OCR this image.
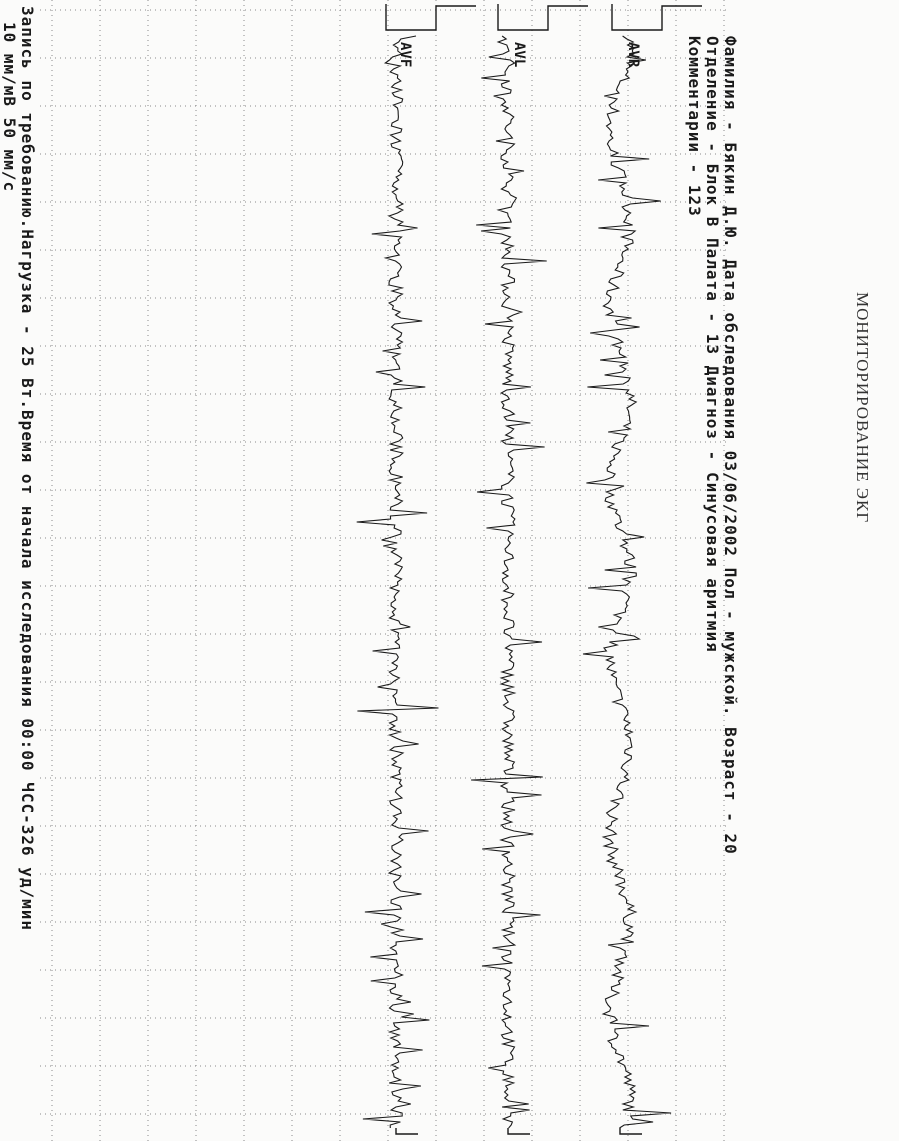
МОНИТОРИРОВАНИЕ ЭКГ
Фамилия - Бякин Д.Ю. Дата обследования 03/06/2002 Пол - мужской. Возраст - 20
Отделение - Блок В Палата - 13 Диагноз - Синусовая аритмия
Комментарии - 123
AVR
AVL
AVF
Запись по требованию.Нагрузка - 25 Вт.Время от начала исследования 00:00 ЧСС-326 уд/мин
10 мм/мВ 50 мм/с
